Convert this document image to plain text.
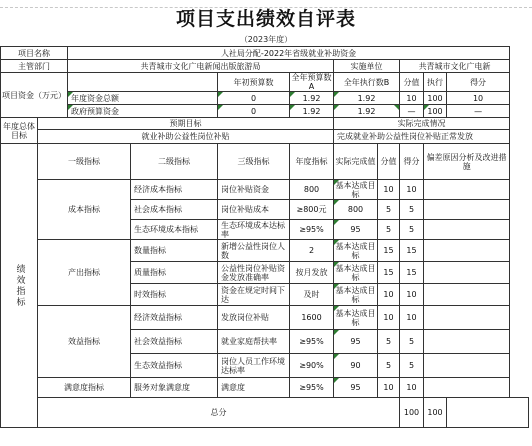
项目支出绩效自评表
（2023年度）
项目名称		人社局分配-2022年省级就业补助资金								
主管部门		共青城市文化广电新闻出版旅游局				实施单位		共青城市文化广电新		
项目资金（万元）				年初预算数	全年预算数A	全年执行数B		分值	执行	得分
		年度资金总额		0	1.92	1.92		10	100	10
		政府预算资金		0	1.92	1.92		—	100	—
年度总体目标	预期目标					实际完成情况				
	就业补助公益性岗位补贴					完成就业补助公益性岗位补贴正常发放				

绩效指标	一级指标		二级指标	三级指标	年度指标	实际完成值	分值	得分	偏差原因分析及改进措施	
	成本指标		经济成本指标	岗位补贴资金	800	基本达成目标	10	10		
			社会成本指标	岗位补贴成本	≥800元	800	5	5		
			生态环境成本指标	生态环境成本达标率	≥95%	95	5	5		
	产出指标		数量指标	新增公益性岗位人数	2	基本达成目标	15	15		
			质量指标	公益性岗位补贴资金发放准确率	按月发放	基本达成目标	15	15		
			时效指标	资金在规定时间下达	及时	基本达成目标	10	10		
	效益指标		经济效益指标	发放岗位补贴	1600	基本达成目标	10	10		
			社会效益指标	就业家庭帮扶率	≥95%	95	5	5		
			生态效益指标	岗位人员工作环境达标率	≥90%	90	5	5		
	满意度指标		服务对象满意度	满意度	≥95%	95	10	10		
	总分							100	100	
